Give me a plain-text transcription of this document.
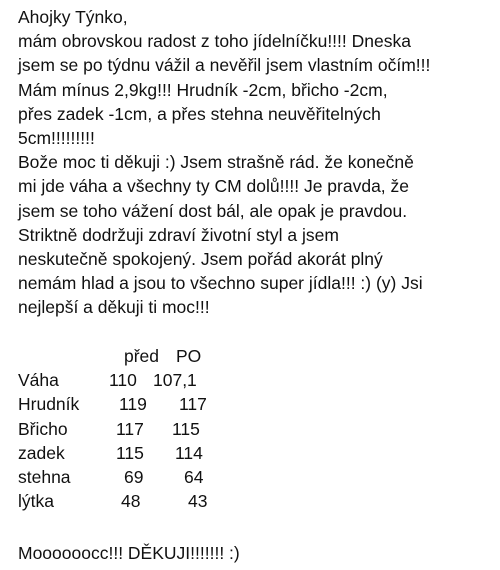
Ahojky Týnko,
mám obrovskou radost z toho jídelníčku!!!! Dneska
jsem se po týdnu vážil a nevěřil jsem vlastním očím!!!
Mám mínus 2,9kg!!! Hrudník -2cm, břicho -2cm,
přes zadek -1cm, a přes stehna neuvěřitelných
5cm!!!!!!!!!
Bože moc ti děkuji :) Jsem strašně rád. že konečně
mi jde váha a všechny ty CM dolů!!!! Je pravda, že
jsem se toho vážení dost bál, ale opak je pravdou.
Striktně dodržuji zdraví životní styl a jsem
neskutečně spokojený. Jsem pořád akorát plný
nemám hlad a jsou to všechno super jídla!!! :) (y) Jsi
nejlepší a děkuji ti moc!!!
před PO
Váha	110 107,1
Hrudník 119 117
Břicho	117 115
zadek	115 114
stehna	69 64
lýtka	48	43
Moooooocc!!! DĚKUJI!!!!!!! :)
